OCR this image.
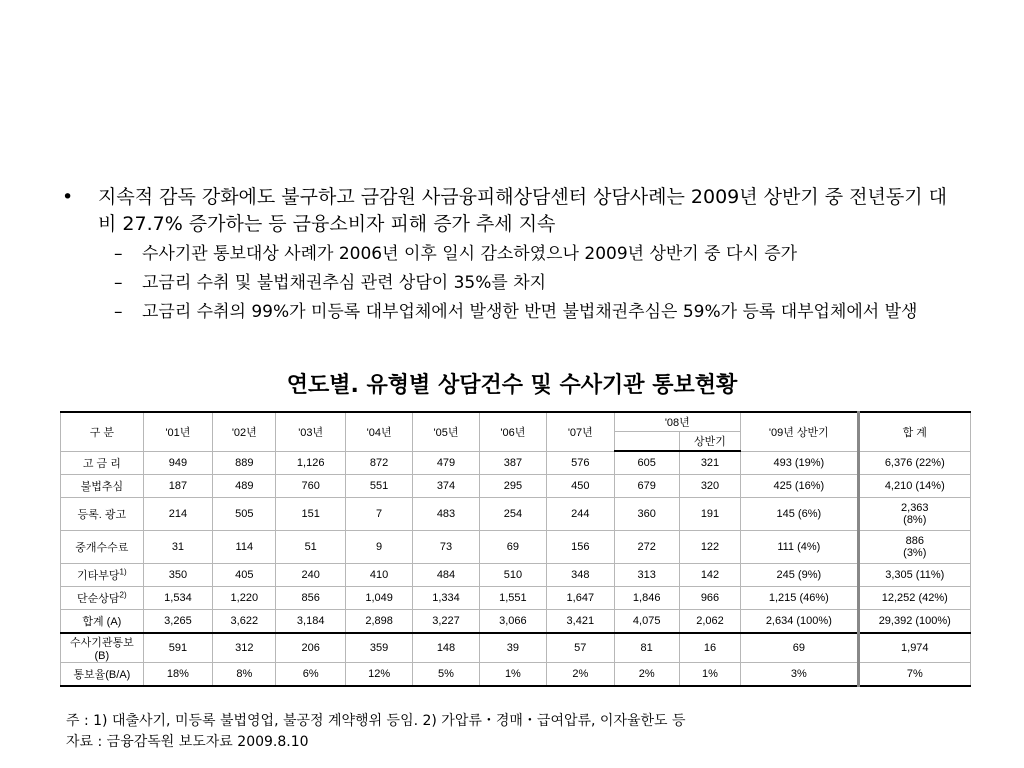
• 지속적 감독 강화에도 불구하고 금감원 사금융피해상담센터 상담사례는 2009년 상반기 중 전년동기 대비 27.7% 증가하는 등 금융소비자 피해 증가 추세 지속
– 수사기관 통보대상 사례가 2006년 이후 일시 감소하였으나 2009년 상반기 중 다시 증가
– 고금리 수취 및 불법채권추심 관련 상담이 35%를 차지
– 고금리 수취의 99%가 미등록 대부업체에서 발생한 반면 불법채권추심은 59%가 등록 대부업체에서 발생
연도별. 유형별 상담건수 및 수사기관 통보현황
구 분	'01년	'02년	'03년	'04년	'05년	'06년	'07년	'08년		'09년 상반기	합 계
									상반기		
고 금 리	949	889	1,126	872	479	387	576	605	321	493 (19%)	6,376 (22%)

불법추심	187	489	760	551	374	295	450	679	320	425 (16%)	4,210 (14%)

등록. 광고	214	505	151	7	483	254	244	360	191	145 (6%)	2,363
(8%)

중개수수료	31	114	51	9	73	69	156	272	122	111 (4%)	886
(3%)

기타부당$^{1)}$	350	405	240	410	484	510	348	313	142	245 (9%)	3,305 (11%)

단순상담$^{2)}$	1,534	1,220	856	1,049	1,334	1,551	1,647	1,846	966	1,215 (46%)	12,252 (42%)

합계 (A)	3,265	3,622	3,184	2,898	3,227	3,066	3,421	4,075	2,062	2,634 (100%)	29,392 (100%)

수사기관통보(B)	591	312	206	359	148	39	57	81	16	69	1,974

통보율(B/A)	18%	8%	6%	12%	5%	1%	2%	2%	1%	3%	7%
주 : 1) 대출사기, 미등록 불법영업, 불공정 계약행위 등임. 2) 가압류・경매・급여압류, 이자율한도 등
자료 : 금융감독원 보도자료 2009.8.10
